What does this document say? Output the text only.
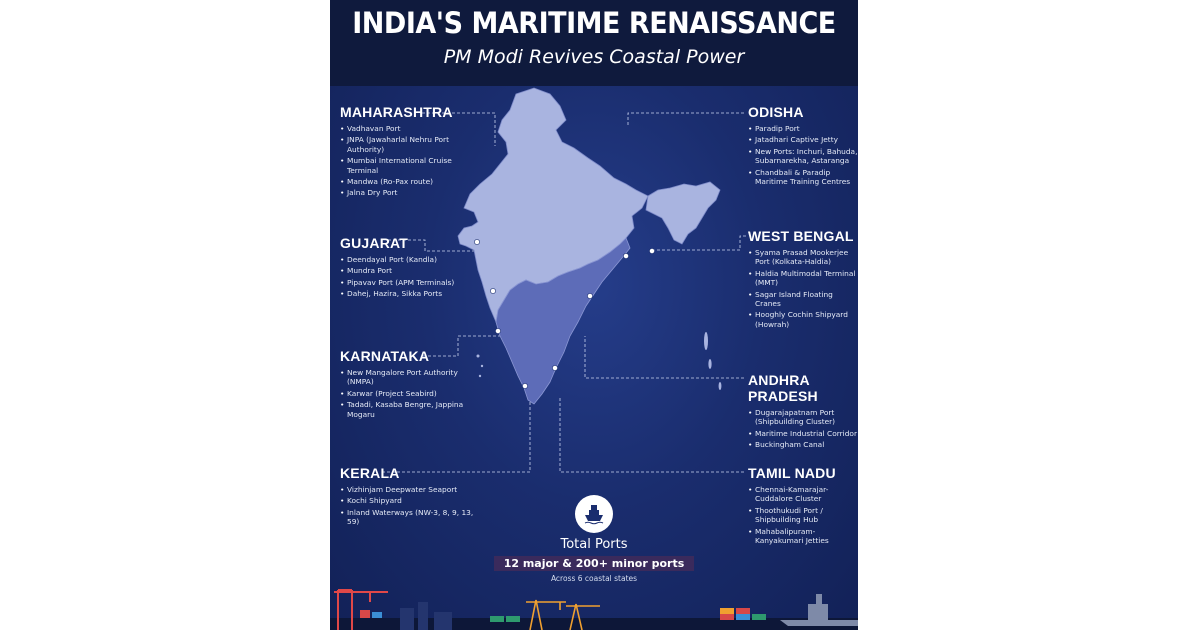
INDIA'S MARITIME RENAISSANCE
PM Modi Revives Coastal Power
MAHARASHTRA
• Vadhavan Port
• JNPA (Jawaharlal Nehru Port Authority)
• Mumbai International Cruise Terminal
• Mandwa (Ro-Pax route)
• Jalna Dry Port
GUJARAT
• Deendayal Port (Kandla)
• Mundra Port
• Pipavav Port (APM Terminals)
• Dahej, Hazira, Sikka Ports
KARNATAKA
• New Mangalore Port Authority (NMPA)
• Karwar (Project Seabird)
• Tadadi, Kasaba Bengre, Jappina Mogaru
KERALA
• Vizhinjam Deepwater Seaport
• Kochi Shipyard
• Inland Waterways (NW-3, 8, 9, 13, 59)
ODISHA
• Paradip Port
• Jatadhari Captive Jetty
• New Ports: Inchuri, Bahuda, Subarnarekha, Astaranga
• Chandbali & Paradip Maritime Training Centres
WEST BENGAL
• Syama Prasad Mookerjee Port (Kolkata-Haldia)
• Haldia Multimodal Terminal (MMT)
• Sagar Island Floating Cranes
• Hooghly Cochin Shipyard (Howrah)
ANDHRA PRADESH
• Dugarajapatnam Port (Shipbuilding Cluster)
• Maritime Industrial Corridor
• Buckingham Canal
TAMIL NADU
• Chennai-Kamarajar-Cuddalore Cluster
• Thoothukudi Port / Shipbuilding Hub
• Mahabalipuram-Kanyakumari Jetties
Total Ports
12 major & 200+ minor ports
Across 6 coastal states
